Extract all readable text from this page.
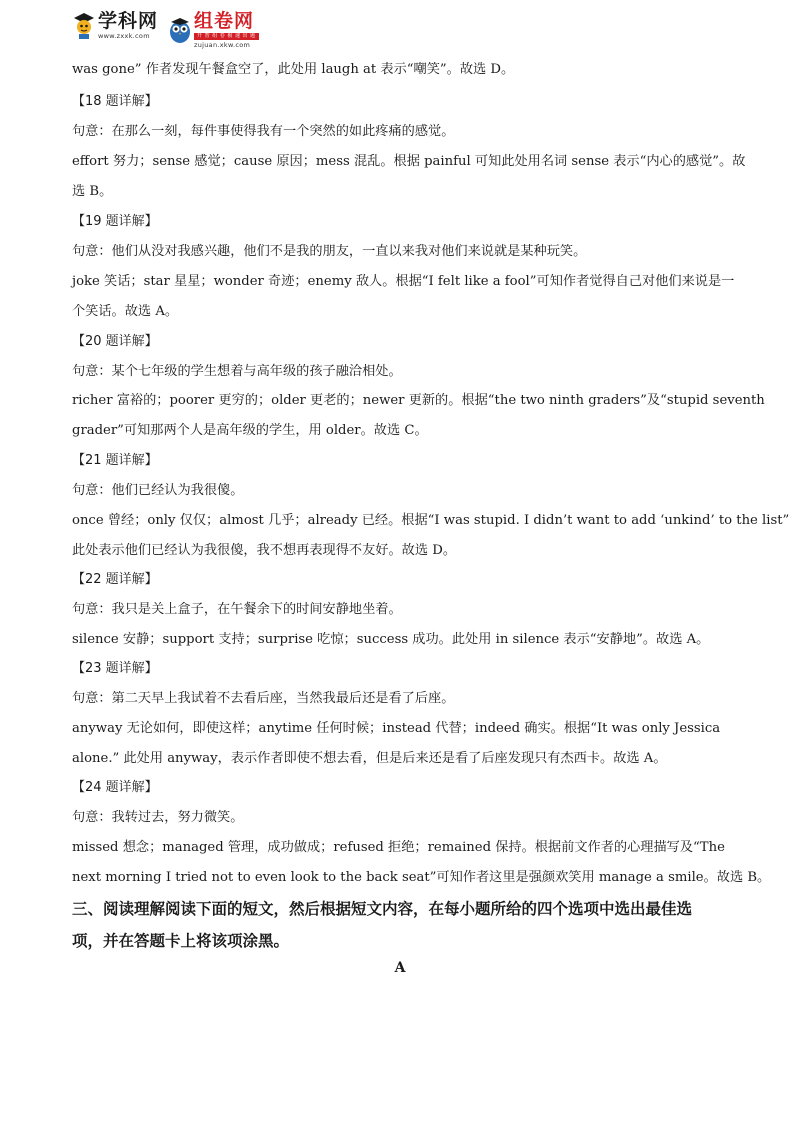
学科网
www.zxxk.com
组卷网
开 智 组 卷 极 速 出 题
zujuan.xkw.com
was gone” 作者发现午餐盒空了，此处用 laugh at 表示“嘲笑”。故选 D。
【18 题详解】
句意：在那么一刻，每件事使得我有一个突然的如此疼痛的感觉。
effort 努力；sense 感觉；cause 原因；mess 混乱。根据 painful 可知此处用名词 sense 表示“内心的感觉”。故
选 B。
【19 题详解】
句意：他们从没对我感兴趣，他们不是我的朋友，一直以来我对他们来说就是某种玩笑。
joke 笑话；star 星星；wonder 奇迹；enemy 敌人。根据“I felt like a fool”可知作者觉得自己对他们来说是一
个笑话。故选 A。
【20 题详解】
句意：某个七年级的学生想着与高年级的孩子融洽相处。
richer 富裕的；poorer 更穷的；older 更老的；newer 更新的。根据“the two ninth graders”及“stupid seventh
grader”可知那两个人是高年级的学生，用 older。故选 C。
【21 题详解】
句意：他们已经认为我很傻。
once 曾经；only 仅仅；almost 几乎；already 已经。根据“I was stupid. I didn’t want to add ‘unkind’ to the list”
此处表示他们已经认为我很傻，我不想再表现得不友好。故选 D。
【22 题详解】
句意：我只是关上盒子，在午餐余下的时间安静地坐着。
silence 安静；support 支持；surprise 吃惊；success 成功。此处用 in silence 表示“安静地”。故选 A。
【23 题详解】
句意：第二天早上我试着不去看后座，当然我最后还是看了后座。
anyway 无论如何，即使这样；anytime 任何时候；instead 代替；indeed 确实。根据“It was only Jessica
alone.” 此处用 anyway，表示作者即使不想去看，但是后来还是看了后座发现只有杰西卡。故选 A。
【24 题详解】
句意：我转过去，努力微笑。
missed 想念；managed 管理，成功做成；refused 拒绝；remained 保持。根据前文作者的心理描写及“The
next morning I tried not to even look to the back seat”可知作者这里是强颜欢笑用 manage a smile。故选 B。
三、阅读理解阅读下面的短文，然后根据短文内容，在每小题所给的四个选项中选出最佳选
项，并在答题卡上将该项涂黑。
A
